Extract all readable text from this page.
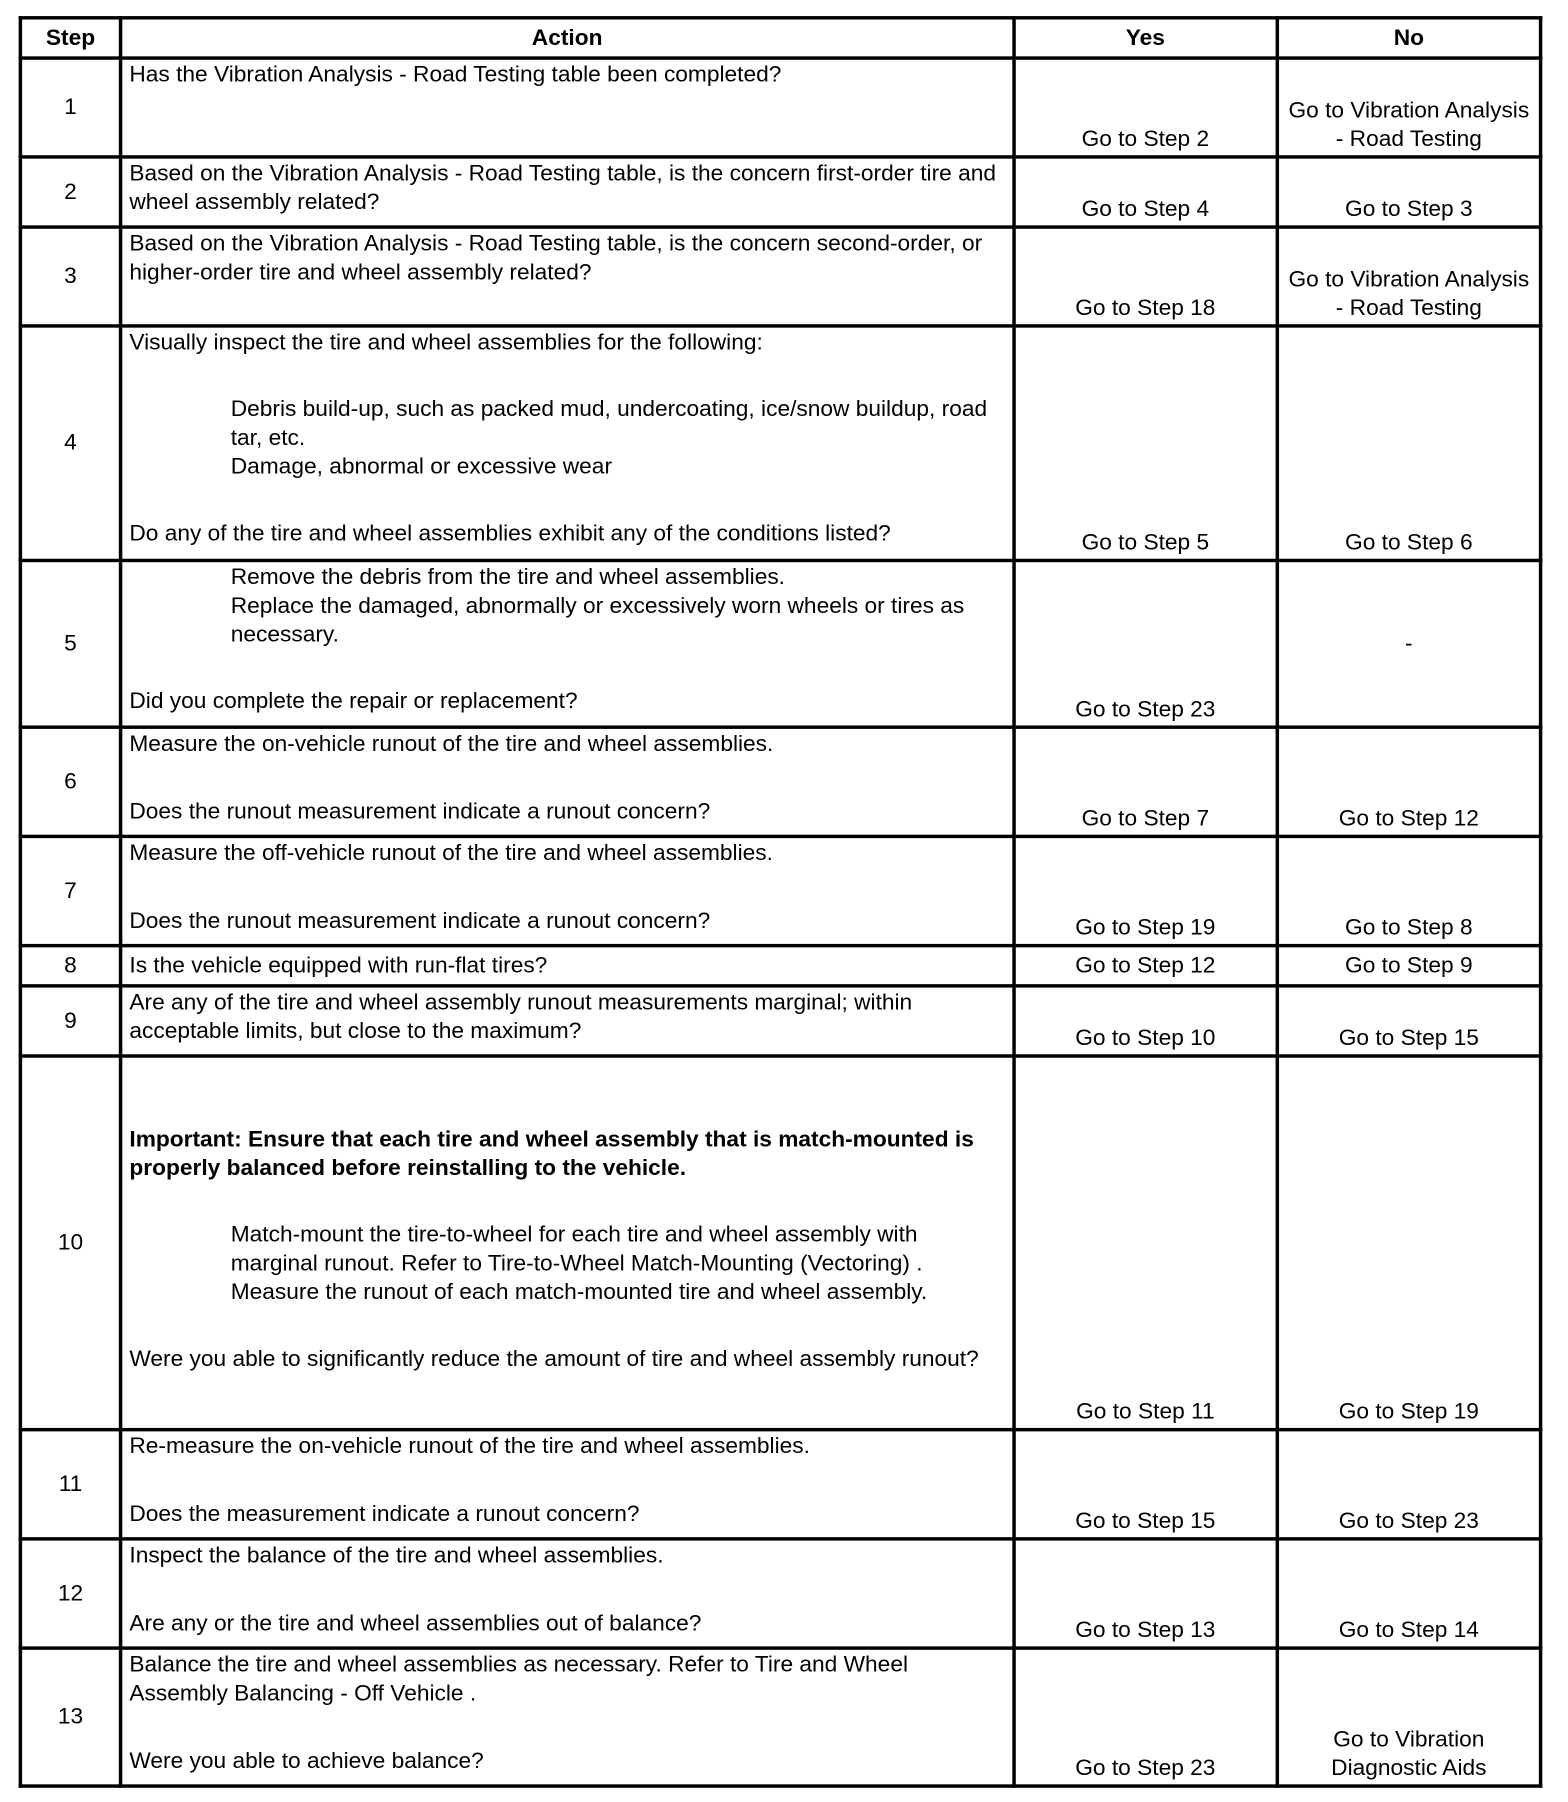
Step	Action	Yes	No
1	Has the Vibration Analysis - Road Testing table been completed?	Go to Step 2	Go to Vibration Analysis - Road Testing
2	Based on the Vibration Analysis - Road Testing table, is the concern first-order tire and wheel assembly related?	Go to Step 4	Go to Step 3
3	Based on the Vibration Analysis - Road Testing table, is the concern second-order, or higher-order tire and wheel assembly related?	Go to Step 18	Go to Vibration Analysis - Road Testing
4	Visually inspect the tire and wheel assemblies for the following:
Debris build-up, such as packed mud, undercoating, ice/snow buildup, road tar, etc.
Damage, abnormal or excessive wear
Do any of the tire and wheel assemblies exhibit any of the conditions listed?	Go to Step 5	Go to Step 6
5	Remove the debris from the tire and wheel assemblies.
Replace the damaged, abnormally or excessively worn wheels or tires as necessary.
Did you complete the repair or replacement?	Go to Step 23	-
6	Measure the on-vehicle runout of the tire and wheel assemblies.
Does the runout measurement indicate a runout concern?	Go to Step 7	Go to Step 12
7	Measure the off-vehicle runout of the tire and wheel assemblies.
Does the runout measurement indicate a runout concern?	Go to Step 19	Go to Step 8
8	Is the vehicle equipped with run-flat tires?	Go to Step 12	Go to Step 9
9	Are any of the tire and wheel assembly runout measurements marginal; within acceptable limits, but close to the maximum?	Go to Step 10	Go to Step 15
10	Important: Ensure that each tire and wheel assembly that is match-mounted is properly balanced before reinstalling to the vehicle.
Match-mount the tire-to-wheel for each tire and wheel assembly with marginal runout. Refer to Tire-to-Wheel Match-Mounting (Vectoring) .
Measure the runout of each match-mounted tire and wheel assembly.
Were you able to significantly reduce the amount of tire and wheel assembly runout?	Go to Step 11	Go to Step 19
11	Re-measure the on-vehicle runout of the tire and wheel assemblies.
Does the measurement indicate a runout concern?	Go to Step 15	Go to Step 23
12	Inspect the balance of the tire and wheel assemblies.
Are any or the tire and wheel assemblies out of balance?	Go to Step 13	Go to Step 14
13	Balance the tire and wheel assemblies as necessary. Refer to Tire and Wheel Assembly Balancing - Off Vehicle .
Were you able to achieve balance?	Go to Step 23	Go to Vibration Diagnostic Aids
